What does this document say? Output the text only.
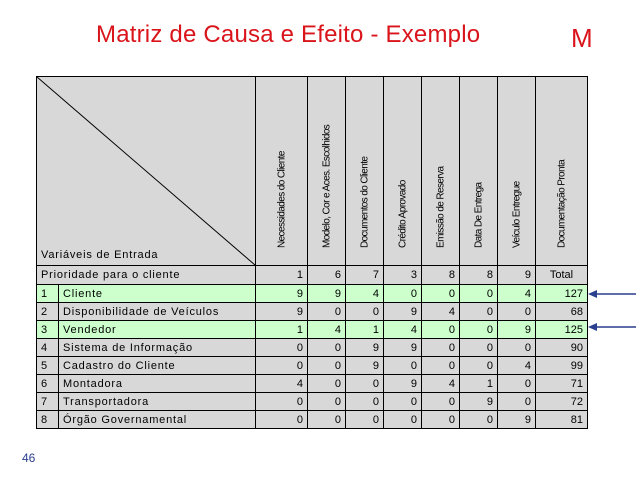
Matriz de Causa e Efeito - Exemplo	M
Variáveis de Entrada
Necessidades do Cliente	Modelo, Cor e Aces. Escolhidos	Documentos do Cliente	Crédito Aprovado	Emissão de Reserva	Data De Entrega	Veículo Entregue	Documentação Pronta
Prioridade para o cliente	1	6	7	3	8	8	9	Total
1	Cliente	9	9	4	0	0	0	4	127
2	Disponibilidade de Veículos	9	0	0	9	4	0	0	68
3	Vendedor	1	4	1	4	0	0	9	125
4	Sistema de Informação	0	0	9	9	0	0	0	90
5	Cadastro do Cliente	0	0	9	0	0	0	4	99
6	Montadora	4	0	0	9	4	1	0	71
7	Transportadora	0	0	0	0	0	9	0	72
8	Órgão Governamental	0	0	0	0	0	0	9	81
46
